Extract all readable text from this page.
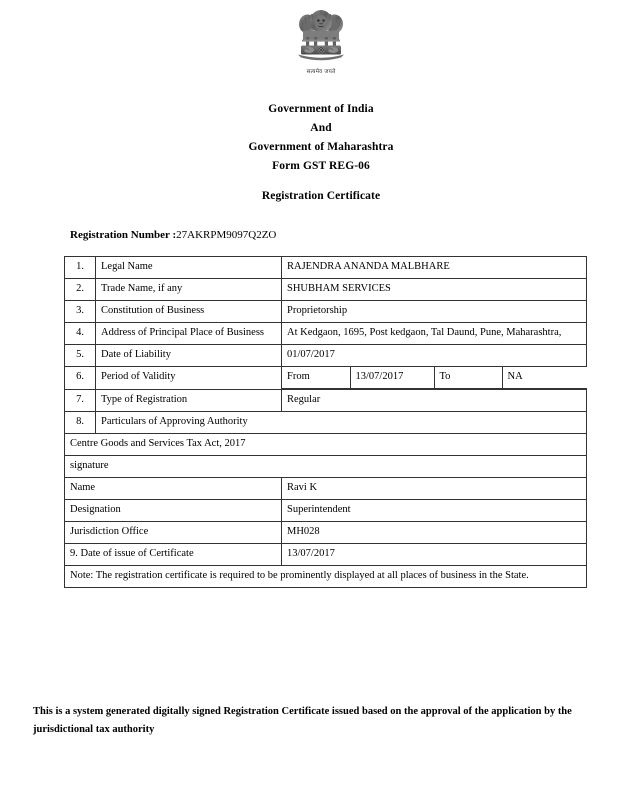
सत्यमेव जयते
Government of India
And
Government of Maharashtra
Form GST REG-06
Registration Certificate
Registration Number :27AKRPM9097Q2ZO
1.	Legal Name	RAJENDRA ANANDA MALBHARE
2.	Trade Name, if any	SHUBHAM SERVICES
3.	Constitution of Business	Proprietorship
4.	Address of Principal Place of Business	At Kedgaon, 1695, Post kedgaon, Tal Daund, Pune, Maharashtra,
5.	Date of Liability	01/07/2017
6.	Period of Validity		From	13/07/2017	To	NA

7.	Type of Registration	Regular
8.	Particulars of Approving Authority
Centre Goods and Services Tax Act, 2017
signature
Name	Ravi K
Designation	Superintendent
Jurisdiction Office	MH028
9. Date of issue of Certificate	13/07/2017
Note: The registration certificate is required to be prominently displayed at all places of business in the State.
This is a system generated digitally signed Registration Certificate issued based on the approval of the application by the jurisdictional tax authority
